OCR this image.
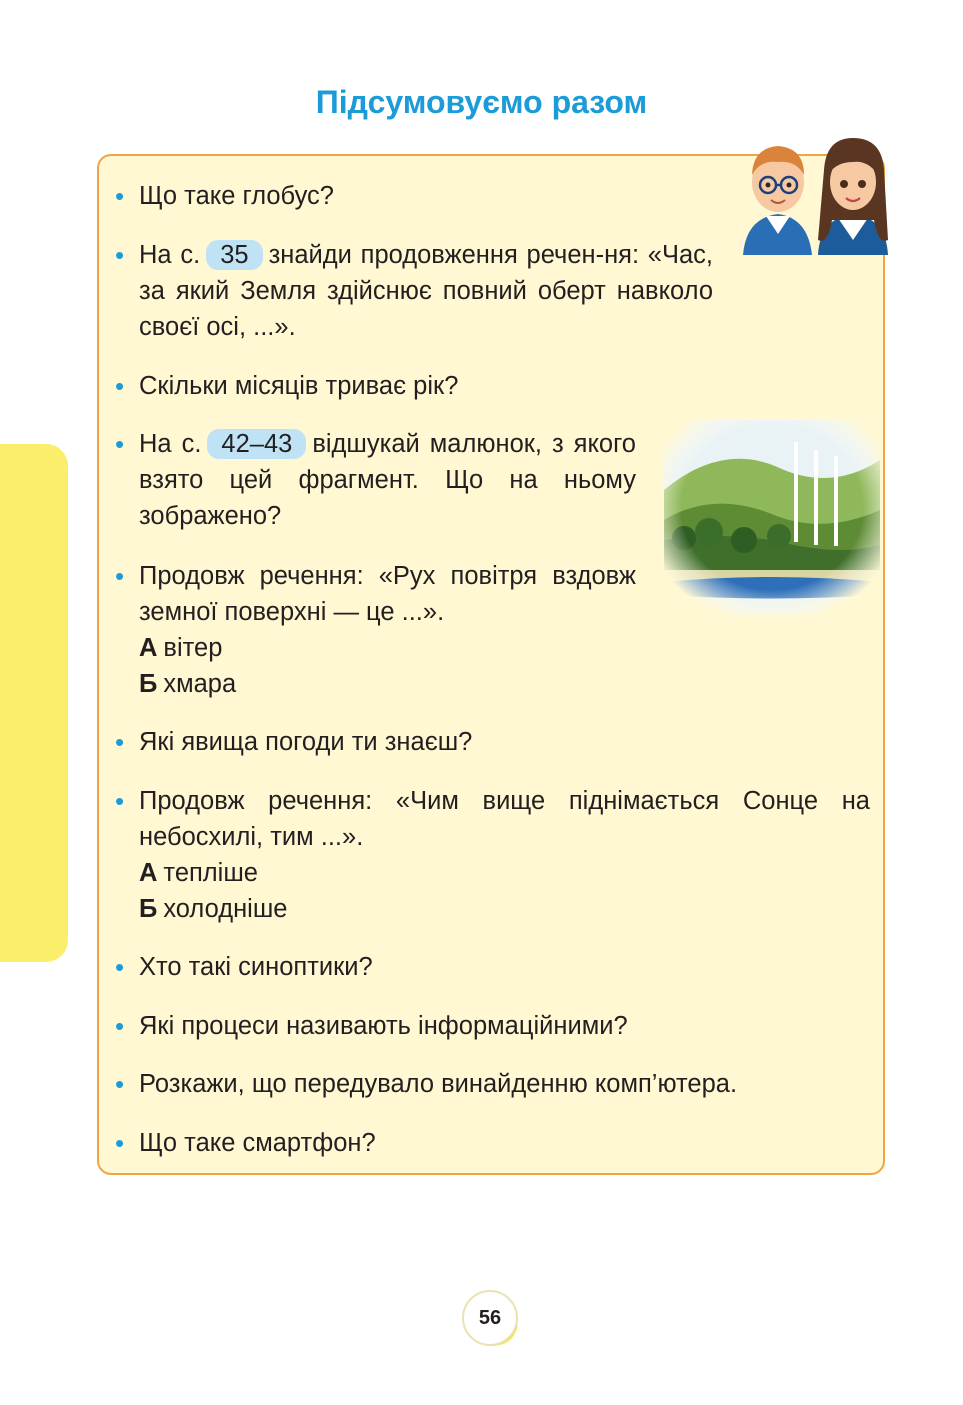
Підсумовуємо разом
• Що таке глобус?
• На с. 35 знайди продовження речен-ня: «Час, за який Земля здійснює повний оберт навколо своєї осі, ...».
• Скільки місяців триває рік?
• На с. 42–43 відшукай малюнок, з якого взято цей фрагмент. Що на ньому зображено?
• Продовж речення: «Рух повітря вздовж земної поверхні — це ...».
А вітер
Б хмара
• Які явища погоди ти знаєш?
• Продовж речення: «Чим вище піднімається Сонце на небосхилі, тим ...».
А тепліше
Б холодніше
• Хто такі синоптики?
• Які процеси називають інформаційними?
• Розкажи, що передувало винайденню комп’ютера.
• Що таке смартфон?
56
